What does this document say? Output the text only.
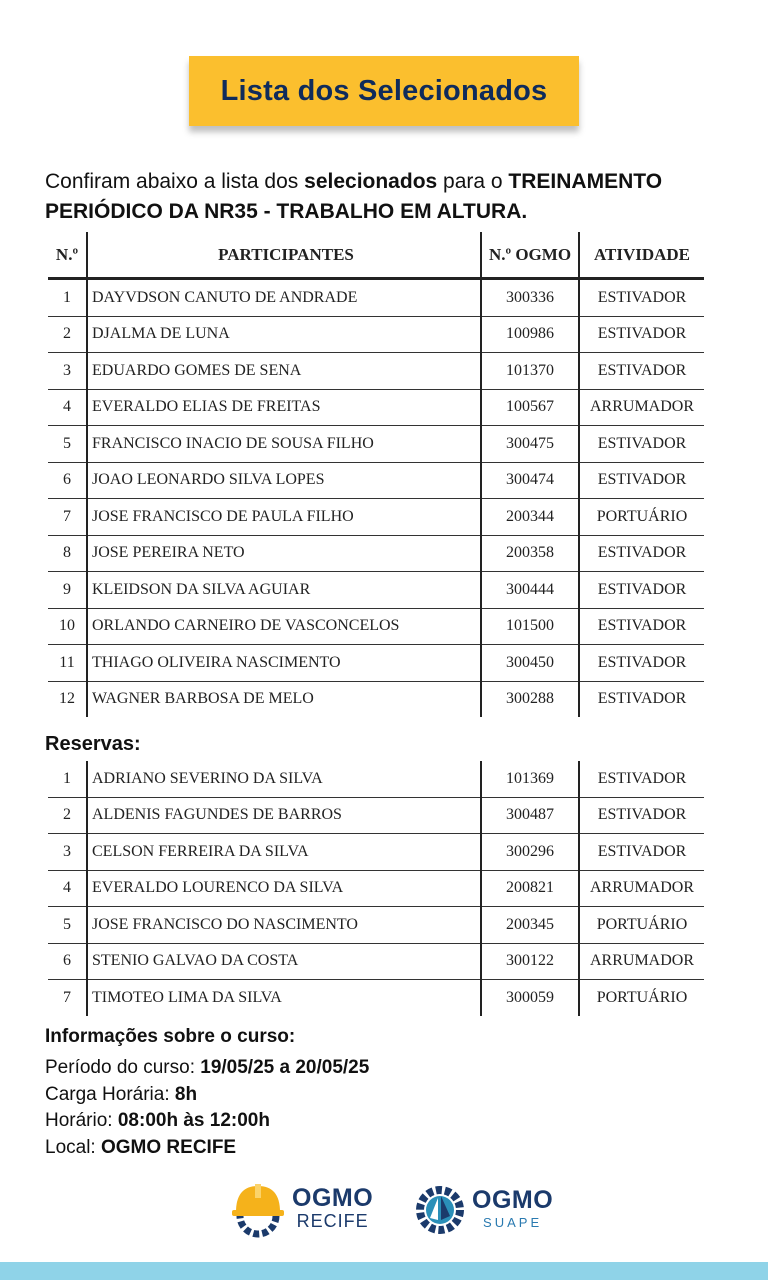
Lista dos Selecionados
Confiram abaixo a lista dos selecionados para o TREINAMENTO PERIÓDICO DA NR35 - TRABALHO EM ALTURA.
N.º	PARTICIPANTES	N.º OGMO	ATIVIDADE
1	DAYVDSON CANUTO DE ANDRADE	300336	ESTIVADOR
2	DJALMA DE LUNA	100986	ESTIVADOR
3	EDUARDO GOMES DE SENA	101370	ESTIVADOR
4	EVERALDO ELIAS DE FREITAS	100567	ARRUMADOR
5	FRANCISCO INACIO DE SOUSA FILHO	300475	ESTIVADOR
6	JOAO LEONARDO SILVA LOPES	300474	ESTIVADOR
7	JOSE FRANCISCO DE PAULA FILHO	200344	PORTUÁRIO
8	JOSE PEREIRA NETO	200358	ESTIVADOR
9	KLEIDSON DA SILVA AGUIAR	300444	ESTIVADOR
10	ORLANDO CARNEIRO DE VASCONCELOS	101500	ESTIVADOR
11	THIAGO OLIVEIRA NASCIMENTO	300450	ESTIVADOR
12	WAGNER BARBOSA DE MELO	300288	ESTIVADOR
Reservas:
1	ADRIANO SEVERINO DA SILVA	101369	ESTIVADOR
2	ALDENIS FAGUNDES DE BARROS	300487	ESTIVADOR
3	CELSON FERREIRA DA SILVA	300296	ESTIVADOR
4	EVERALDO LOURENCO DA SILVA	200821	ARRUMADOR
5	JOSE FRANCISCO DO NASCIMENTO	200345	PORTUÁRIO
6	STENIO GALVAO DA COSTA	300122	ARRUMADOR
7	TIMOTEO LIMA DA SILVA	300059	PORTUÁRIO
Informações sobre o curso:
Período do curso: 19/05/25 a 20/05/25
Carga Horária: 8h
Horário: 08:00h às 12:00h
Local: OGMO RECIFE
OGMO
RECIFE
OGMO
SUAPE
